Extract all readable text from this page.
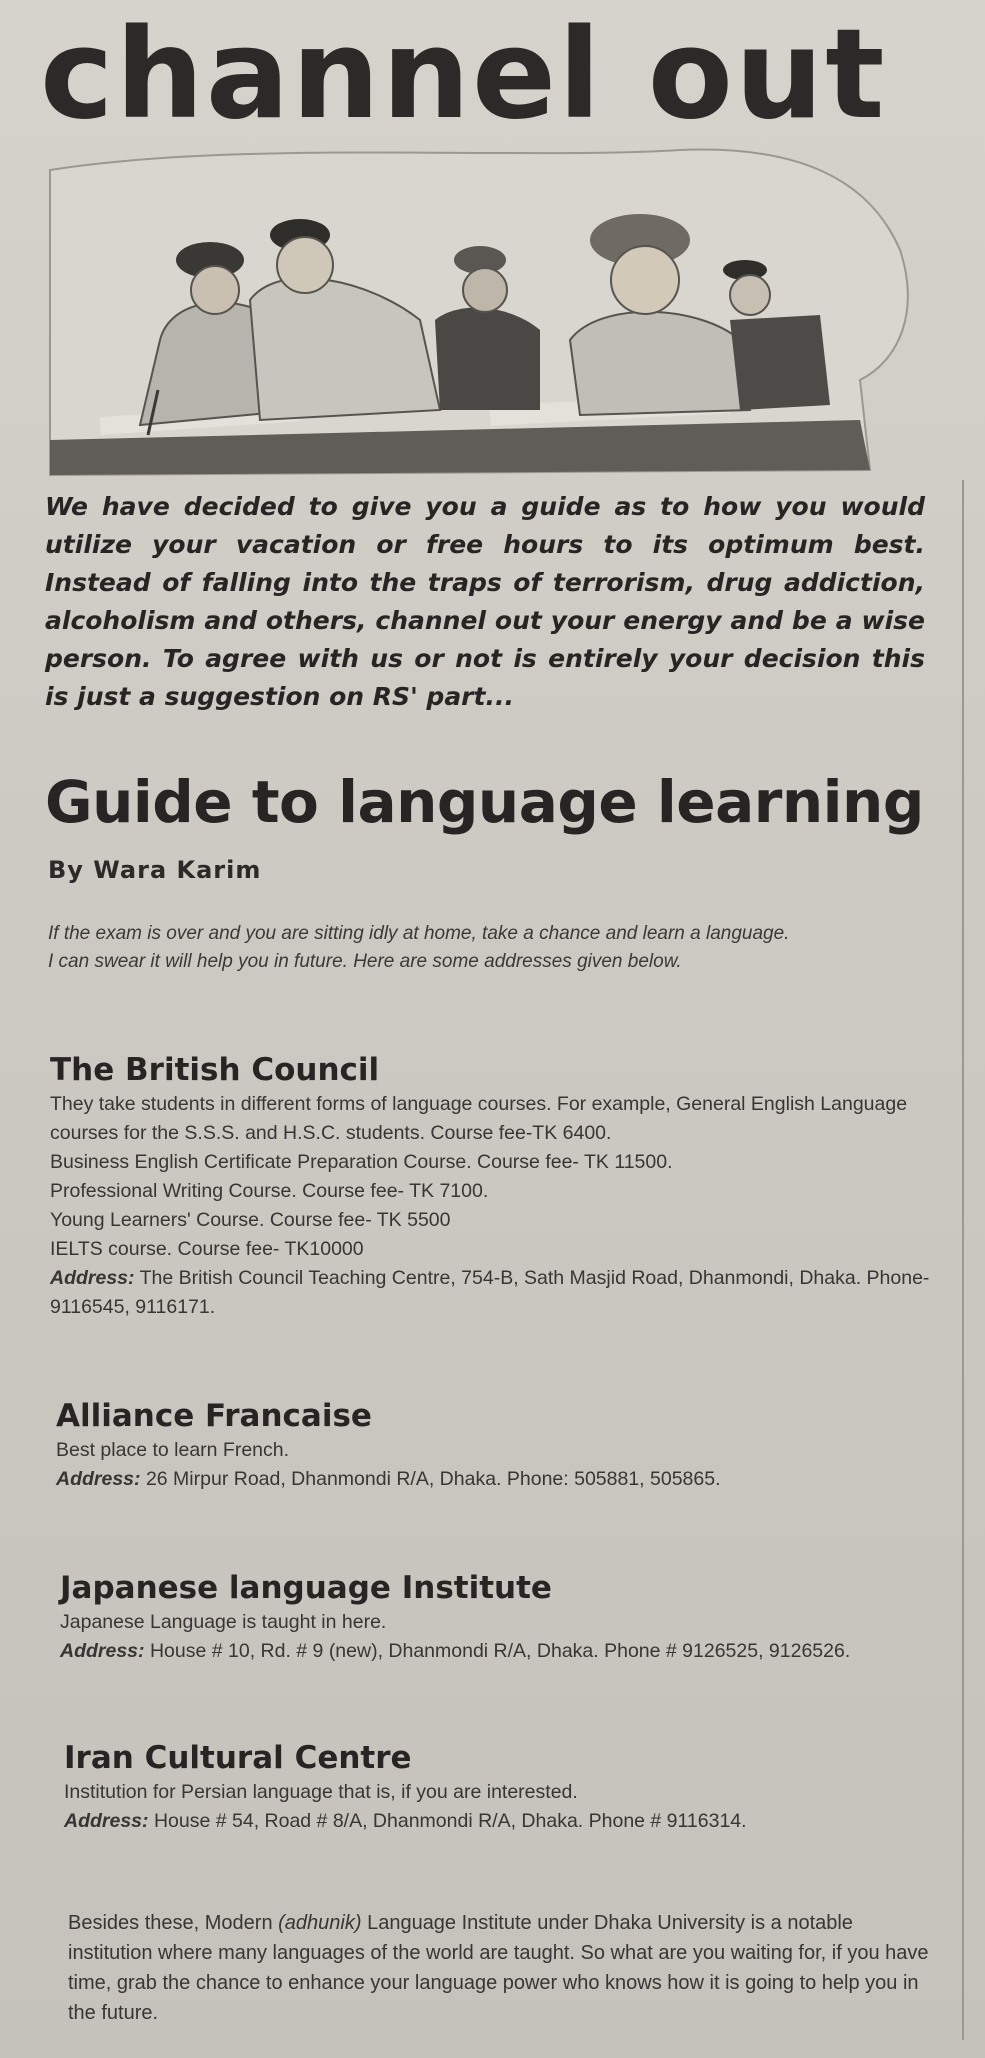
channel out
We have decided to give you a guide as to how you would utilize your vacation or free hours to its optimum best. Instead of falling into the traps of terrorism, drug addiction, alcoholism and others, channel out your energy and be a wise person. To agree with us or not is entirely your decision this is just a suggestion on RS' part...
Guide to language learning
By Wara Karim

If the exam is over and you are sitting idly at home, take a chance and learn a language.

I can swear it will help you in future. Here are some addresses given below.

The British Council

They take students in different forms of language courses. For example, General English Language courses for the S.S.S. and H.S.C. students. Course fee-TK 6400.

Business English Certificate Preparation Course. Course fee- TK 11500.

Professional Writing Course. Course fee- TK 7100.

Young Learners' Course. Course fee- TK 5500

IELTS course. Course fee- TK10000

Address: The British Council Teaching Centre, 754-B, Sath Masjid Road, Dhanmondi, Dhaka. Phone- 9116545, 9116171.

Alliance Francaise

Best place to learn French.

Address: 26 Mirpur Road, Dhanmondi R/A, Dhaka. Phone: 505881, 505865.

Japanese language Institute

Japanese Language is taught in here.

Address: House # 10, Rd. # 9 (new), Dhanmondi R/A, Dhaka. Phone # 9126525, 9126526.

Iran Cultural Centre

Institution for Persian language that is, if you are interested.

Address: House # 54, Road # 8/A, Dhanmondi R/A, Dhaka. Phone # 9116314.

Besides these, Modern (adhunik) Language Institute under Dhaka University is a notable institution where many languages of the world are taught. So what are you waiting for, if you have time, grab the chance to enhance your language power who knows how it is going to help you in the future.
